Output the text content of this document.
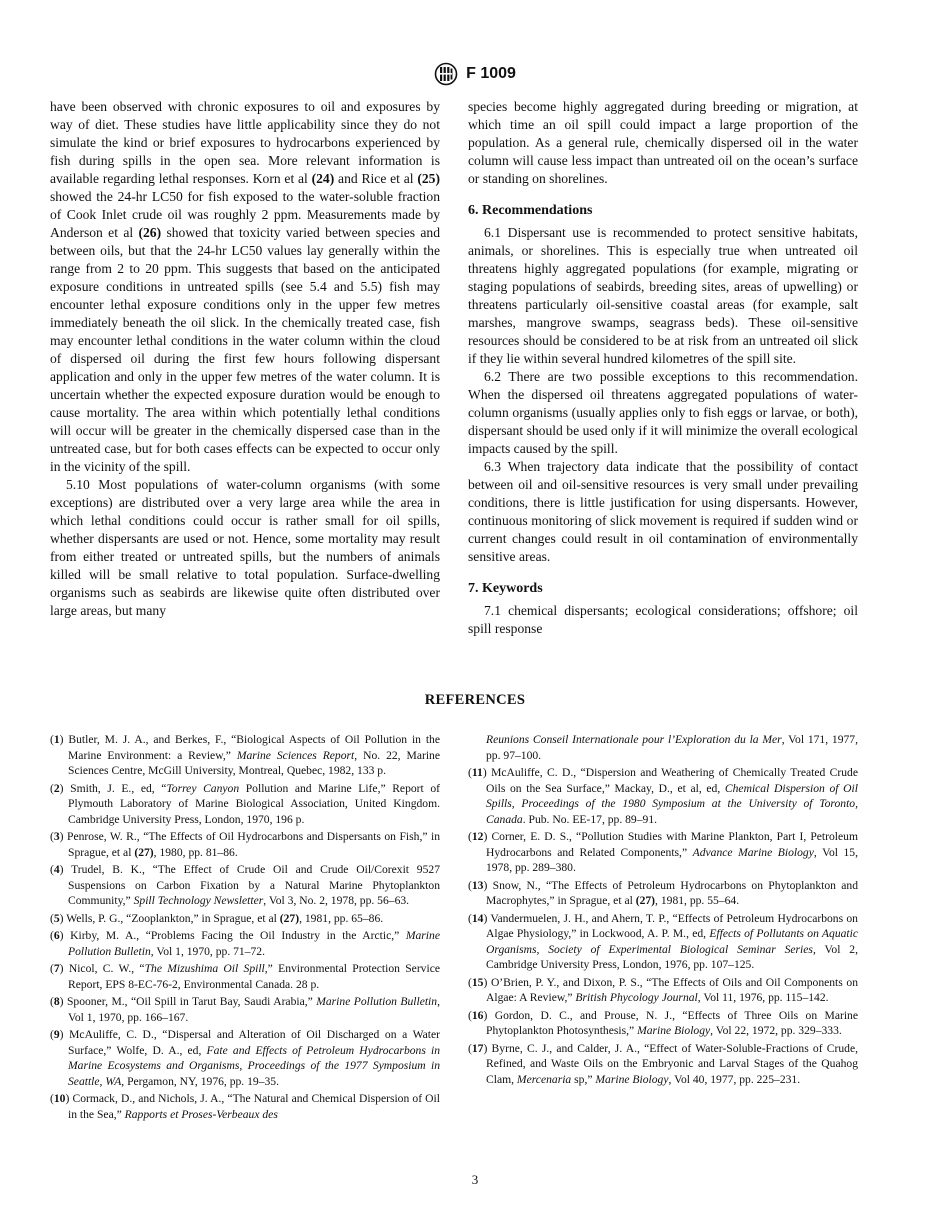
F 1009

have been observed with chronic exposures to oil and exposures by way of diet. These studies have little applicability since they do not simulate the kind or brief exposures to hydrocarbons experienced by fish during spills in the open sea. More relevant information is available regarding lethal responses. Korn et al (24) and Rice et al (25) showed the 24-hr LC50 for fish exposed to the water-soluble fraction of Cook Inlet crude oil was roughly 2 ppm. Measurements made by Anderson et al (26) showed that toxicity varied between species and between oils, but that the 24-hr LC50 values lay generally within the range from 2 to 20 ppm. This suggests that based on the anticipated exposure conditions in untreated spills (see 5.4 and 5.5) fish may encounter lethal exposure conditions only in the upper few metres immediately beneath the oil slick. In the chemically treated case, fish may encounter lethal conditions in the water column within the cloud of dispersed oil during the first few hours following dispersant application and only in the upper few metres of the water column. It is uncertain whether the expected exposure duration would be enough to cause mortality. The area within which potentially lethal conditions will occur will be greater in the chemically dispersed case than in the untreated case, but for both cases effects can be expected to occur only in the vicinity of the spill.

5.10 Most populations of water-column organisms (with some exceptions) are distributed over a very large area while the area in which lethal conditions could occur is rather small for oil spills, whether dispersants are used or not. Hence, some mortality may result from either treated or untreated spills, but the numbers of animals killed will be small relative to total population. Surface-dwelling organisms such as seabirds are likewise quite often distributed over large areas, but many

species become highly aggregated during breeding or migration, at which time an oil spill could impact a large proportion of the population. As a general rule, chemically dispersed oil in the water column will cause less impact than untreated oil on the ocean’s surface or standing on shorelines.

6. Recommendations

6.1 Dispersant use is recommended to protect sensitive habitats, animals, or shorelines. This is especially true when untreated oil threatens highly aggregated populations (for example, migrating or staging populations of seabirds, breeding sites, areas of upwelling) or threatens particularly oil-sensitive coastal areas (for example, salt marshes, mangrove swamps, seagrass beds). These oil-sensitive resources should be considered to be at risk from an untreated oil slick if they lie within several hundred kilometres of the spill site.

6.2 There are two possible exceptions to this recommendation. When the dispersed oil threatens aggregated populations of water-column organisms (usually applies only to fish eggs or larvae, or both), dispersant should be used only if it will minimize the overall ecological impacts caused by the spill.

6.3 When trajectory data indicate that the possibility of contact between oil and oil-sensitive resources is very small under prevailing conditions, there is little justification for using dispersants. However, continuous monitoring of slick movement is required if sudden wind or current changes could result in oil contamination of environmentally sensitive areas.

7. Keywords

7.1 chemical dispersants; ecological considerations; offshore; oil spill response

REFERENCES
(1) Butler, M. J. A., and Berkes, F., “Biological Aspects of Oil Pollution in the Marine Environment: a Review,” Marine Sciences Report, No. 22, Marine Sciences Centre, McGill University, Montreal, Quebec, 1982, 133 p.
(2) Smith, J. E., ed, “Torrey Canyon Pollution and Marine Life,” Report of Plymouth Laboratory of Marine Biological Association, United Kingdom. Cambridge University Press, London, 1970, 196 p.
(3) Penrose, W. R., “The Effects of Oil Hydrocarbons and Dispersants on Fish,” in Sprague, et al (27), 1980, pp. 81–86.
(4) Trudel, B. K., “The Effect of Crude Oil and Crude Oil/Corexit 9527 Suspensions on Carbon Fixation by a Natural Marine Phytoplankton Community,” Spill Technology Newsletter, Vol 3, No. 2, 1978, pp. 56–63.
(5) Wells, P. G., “Zooplankton,” in Sprague, et al (27), 1981, pp. 65–86.
(6) Kirby, M. A., “Problems Facing the Oil Industry in the Arctic,” Marine Pollution Bulletin, Vol 1, 1970, pp. 71–72.
(7) Nicol, C. W., “The Mizushima Oil Spill,” Environmental Protection Service Report, EPS 8-EC-76-2, Environmental Canada. 28 p.
(8) Spooner, M., “Oil Spill in Tarut Bay, Saudi Arabia,” Marine Pollution Bulletin, Vol 1, 1970, pp. 166–167.
(9) McAuliffe, C. D., “Dispersal and Alteration of Oil Discharged on a Water Surface,” Wolfe, D. A., ed, Fate and Effects of Petroleum Hydrocarbons in Marine Ecosystems and Organisms, Proceedings of the 1977 Symposium in Seattle, WA, Pergamon, NY, 1976, pp. 19–35.
(10) Cormack, D., and Nichols, J. A., “The Natural and Chemical Dispersion of Oil in the Sea,” Rapports et Proses-Verbeaux des
Reunions Conseil Internationale pour l’Exploration du la Mer, Vol 171, 1977, pp. 97–100.
(11) McAuliffe, C. D., “Dispersion and Weathering of Chemically Treated Crude Oils on the Sea Surface,” Mackay, D., et al, ed, Chemical Dispersion of Oil Spills, Proceedings of the 1980 Symposium at the University of Toronto, Canada. Pub. No. EE-17, pp. 89–91.
(12) Corner, E. D. S., “Pollution Studies with Marine Plankton, Part I, Petroleum Hydrocarbons and Related Components,” Advance Marine Biology, Vol 15, 1978, pp. 289–380.
(13) Snow, N., “The Effects of Petroleum Hydrocarbons on Phytoplankton and Macrophytes,” in Sprague, et al (27), 1981, pp. 55–64.
(14) Vandermuelen, J. H., and Ahern, T. P., “Effects of Petroleum Hydrocarbons on Algae Physiology,” in Lockwood, A. P. M., ed, Effects of Pollutants on Aquatic Organisms, Society of Experimental Biological Seminar Series, Vol 2, Cambridge University Press, London, 1976, pp. 107–125.
(15) O’Brien, P. Y., and Dixon, P. S., “The Effects of Oils and Oil Components on Algae: A Review,” British Phycology Journal, Vol 11, 1976, pp. 115–142.
(16) Gordon, D. C., and Prouse, N. J., “Effects of Three Oils on Marine Phytoplankton Photosynthesis,” Marine Biology, Vol 22, 1972, pp. 329–333.
(17) Byrne, C. J., and Calder, J. A., “Effect of Water-Soluble-Fractions of Crude, Refined, and Waste Oils on the Embryonic and Larval Stages of the Quahog Clam, Mercenaria sp,” Marine Biology, Vol 40, 1977, pp. 225–231.
3
